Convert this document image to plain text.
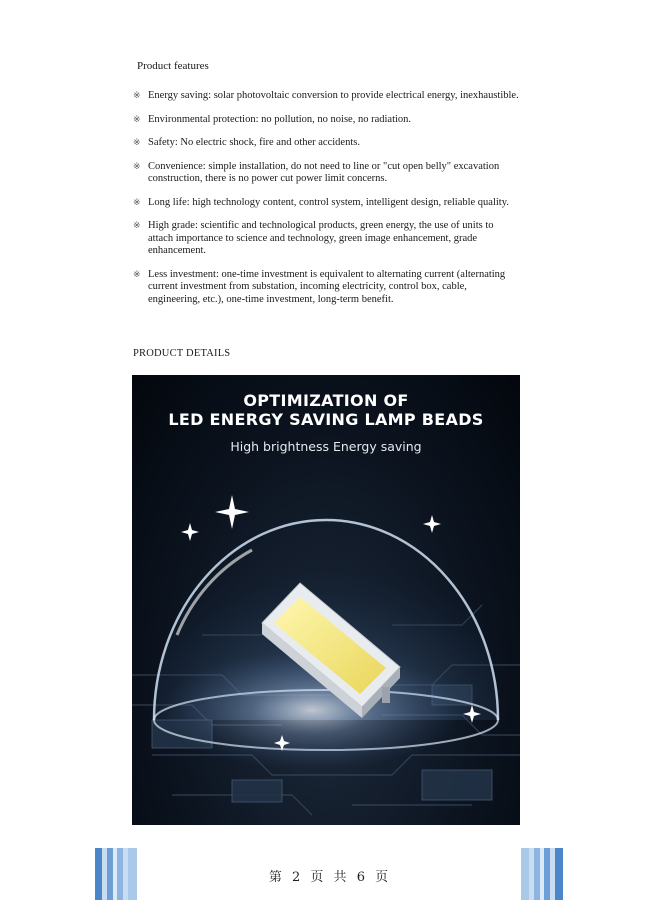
Product features
※ Energy saving: solar photovoltaic conversion to provide electrical energy, inexhaustible.
※ Environmental protection: no pollution, no noise, no radiation.
※ Safety: No electric shock, fire and other accidents.
※ Convenience: simple installation, do not need to line or "cut open belly" excavation construction, there is no power cut power limit concerns.
※ Long life: high technology content, control system, intelligent design, reliable quality.
※ High grade: scientific and technological products, green energy, the use of units to attach importance to science and technology, green image enhancement, grade enhancement.
※ Less investment: one-time investment is equivalent to alternating current (alternating current investment from substation, incoming electricity, control box, cable, engineering, etc.), one-time investment, long-term benefit.
PRODUCT DETAILS
OPTIMIZATION OF
LED ENERGY SAVING LAMP BEADS
High brightness Energy saving
第 2 页 共 6 页
